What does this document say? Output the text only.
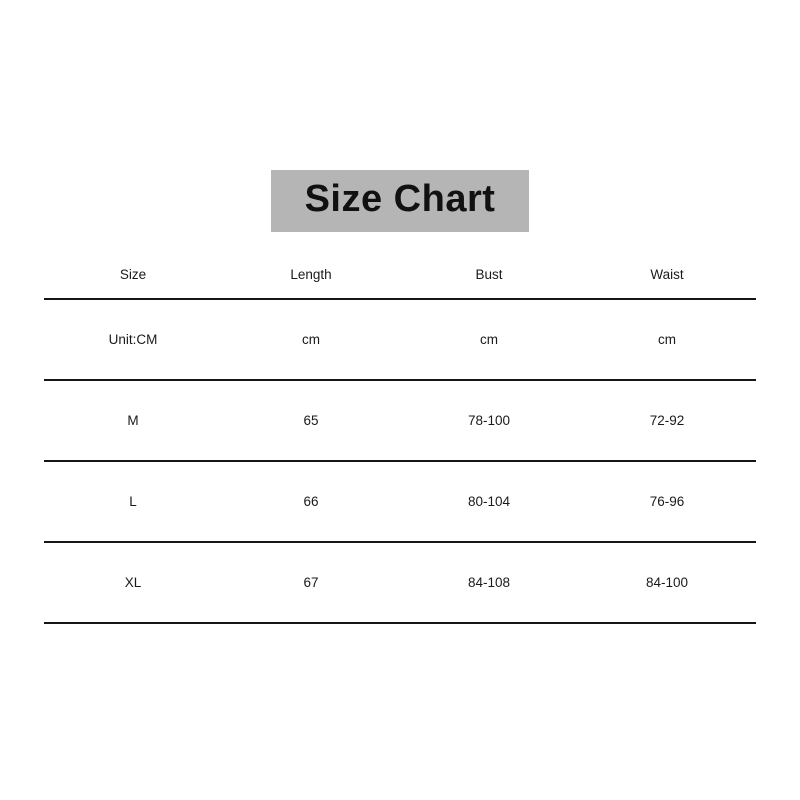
Size Chart
Size	Length	Bust	Waist
Unit:CM	cm	cm	cm
M	65	78-100	72-92
L	66	80-104	76-96
XL	67	84-108	84-100
